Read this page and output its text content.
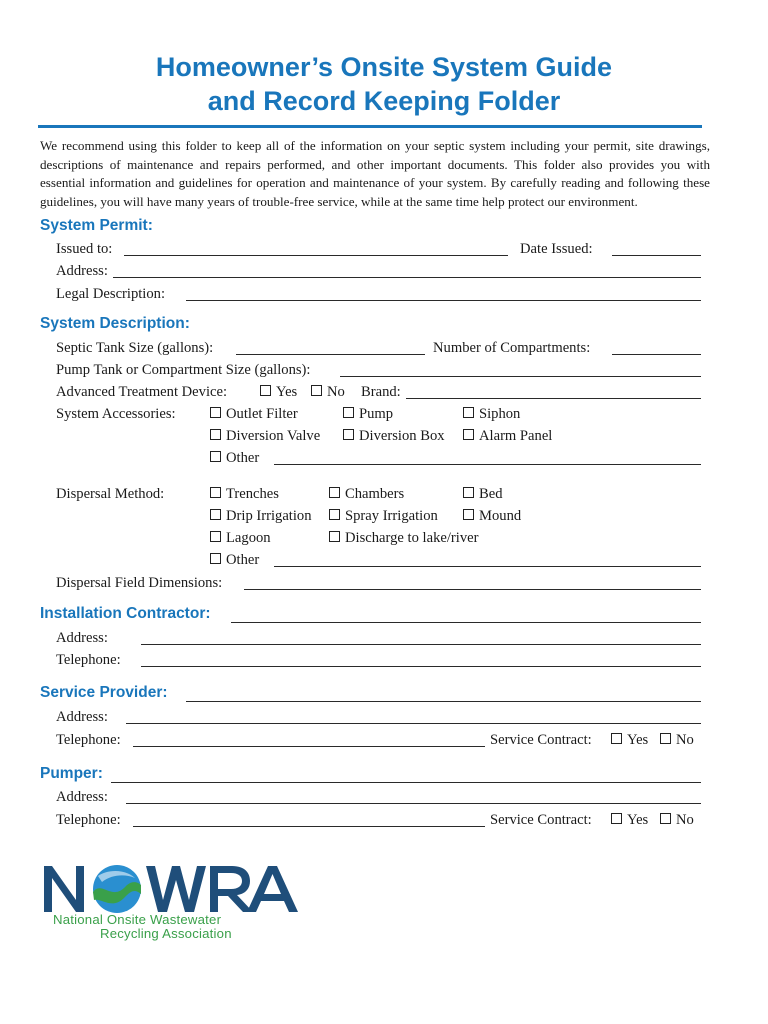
Homeowner’s Onsite System Guide
and Record Keeping Folder

We recommend using this folder to keep all of the information on your septic system including your permit, site drawings, descriptions of maintenance and repairs performed, and other important documents. This folder also provides you with essential information and guidelines for operation and maintenance of your system. By carefully reading and following these guidelines, you will have many years of trouble-free service, while at the same time help protect our environment.

System Permit:
Issued to:	Date Issued:
Address:
Legal Description:
System Description:
Septic Tank Size (gallons):	Number of Compartments:
Pump Tank or Compartment Size (gallons):
Advanced Treatment Device:	Yes	No Brand:
System Accessories:	Outlet Filter	Pump	Siphon
Diversion Valve	Diversion Box	Alarm Panel
Other
Dispersal Method:	Trenches	Chambers	Bed
Drip Irrigation	Spray Irrigation	Mound
Lagoon	Discharge to lake/river
Other
Dispersal Field Dimensions:
Installation Contractor:
Address:
Telephone:
Service Provider:
Address:
Telephone:	Service Contract:	Yes	No
Pumper:
Address:
Telephone:	Service Contract:	Yes	No
National Onsite Wastewater
Recycling Association
